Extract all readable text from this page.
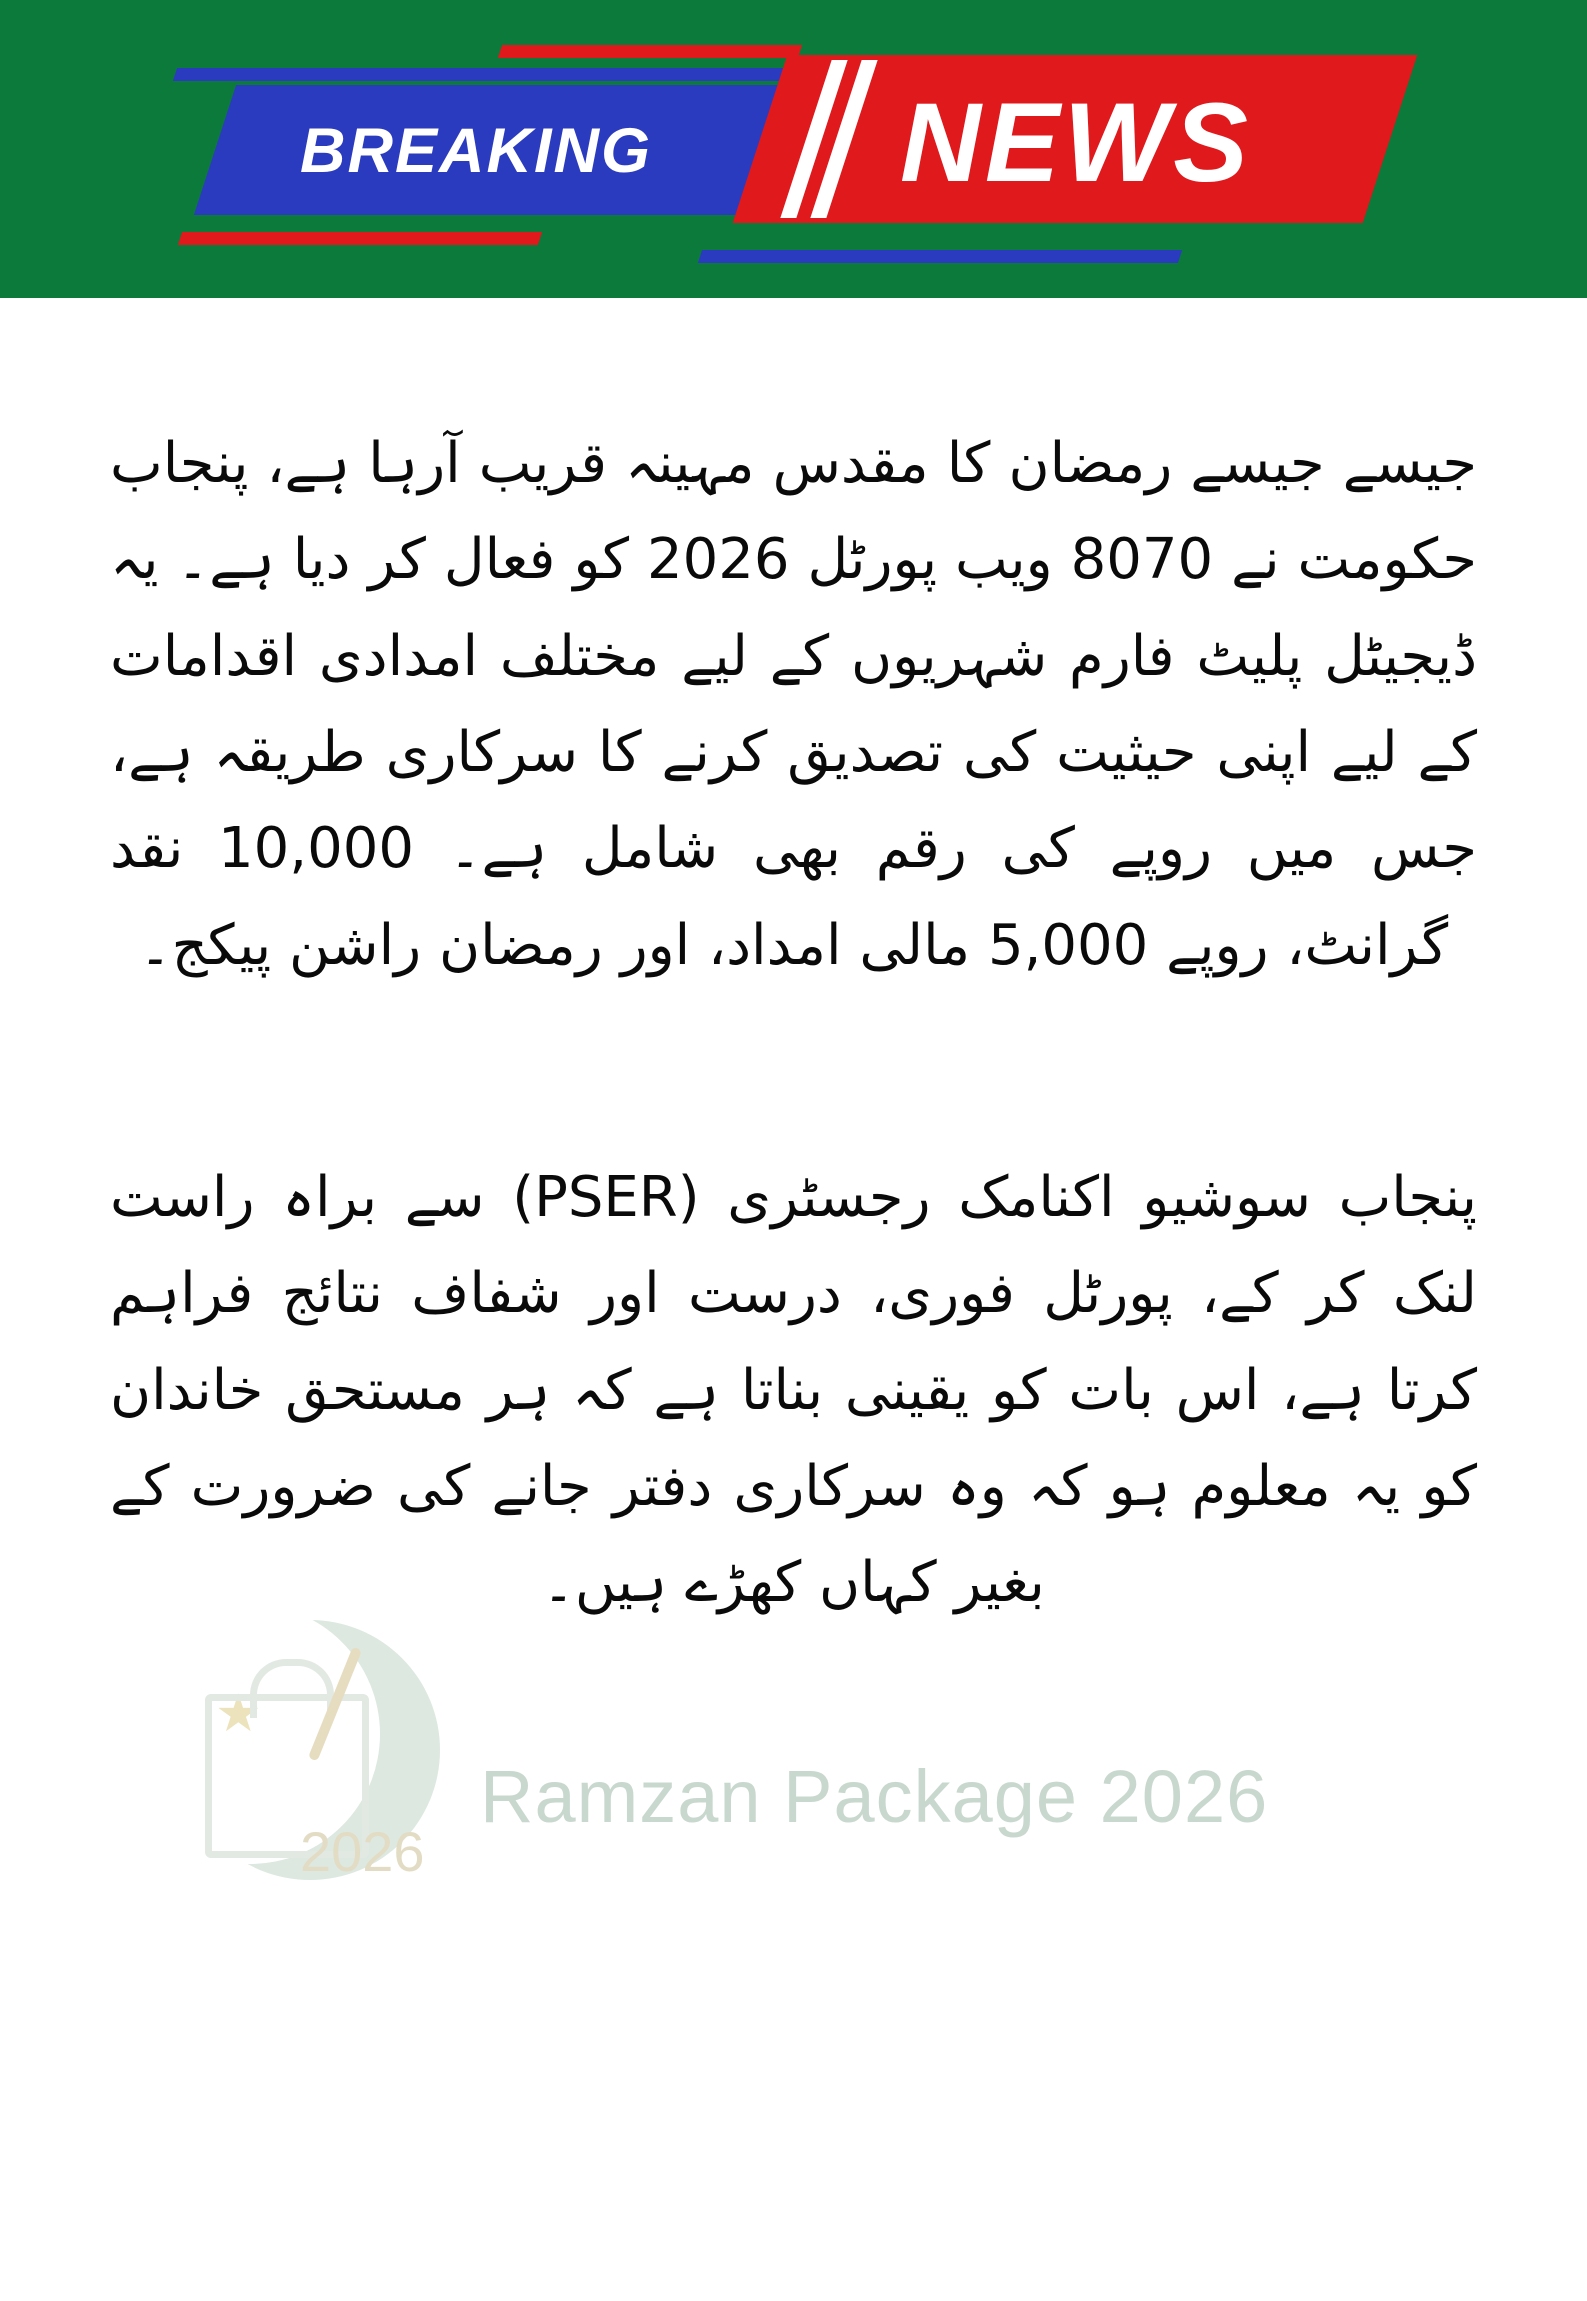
BREAKING NEWS
★
2026
Ramzan Package 2026

جیسے جیسے رمضان کا مقدس مہینہ قریب آرہا ہے، پنجاب حکومت نے 8070 ویب پورٹل 2026 کو فعال کر دیا ہے۔ یہ ڈیجیٹل پلیٹ فارم شہریوں کے لیے مختلف امدادی اقدامات کے لیے اپنی حیثیت کی تصدیق کرنے کا سرکاری طریقہ ہے، جس میں روپے کی رقم بھی شامل ہے۔ 10,000 نقد گرانٹ، روپے 5,000 مالی امداد، اور رمضان راشن پیکج۔

پنجاب سوشیو اکنامک رجسٹری (PSER) سے براہ راست لنک کر کے، پورٹل فوری، درست اور شفاف نتائج فراہم کرتا ہے، اس بات کو یقینی بناتا ہے کہ ہر مستحق خاندان کو یہ معلوم ہو کہ وہ سرکاری دفتر جانے کی ضرورت کے بغیر کہاں کھڑے ہیں۔
